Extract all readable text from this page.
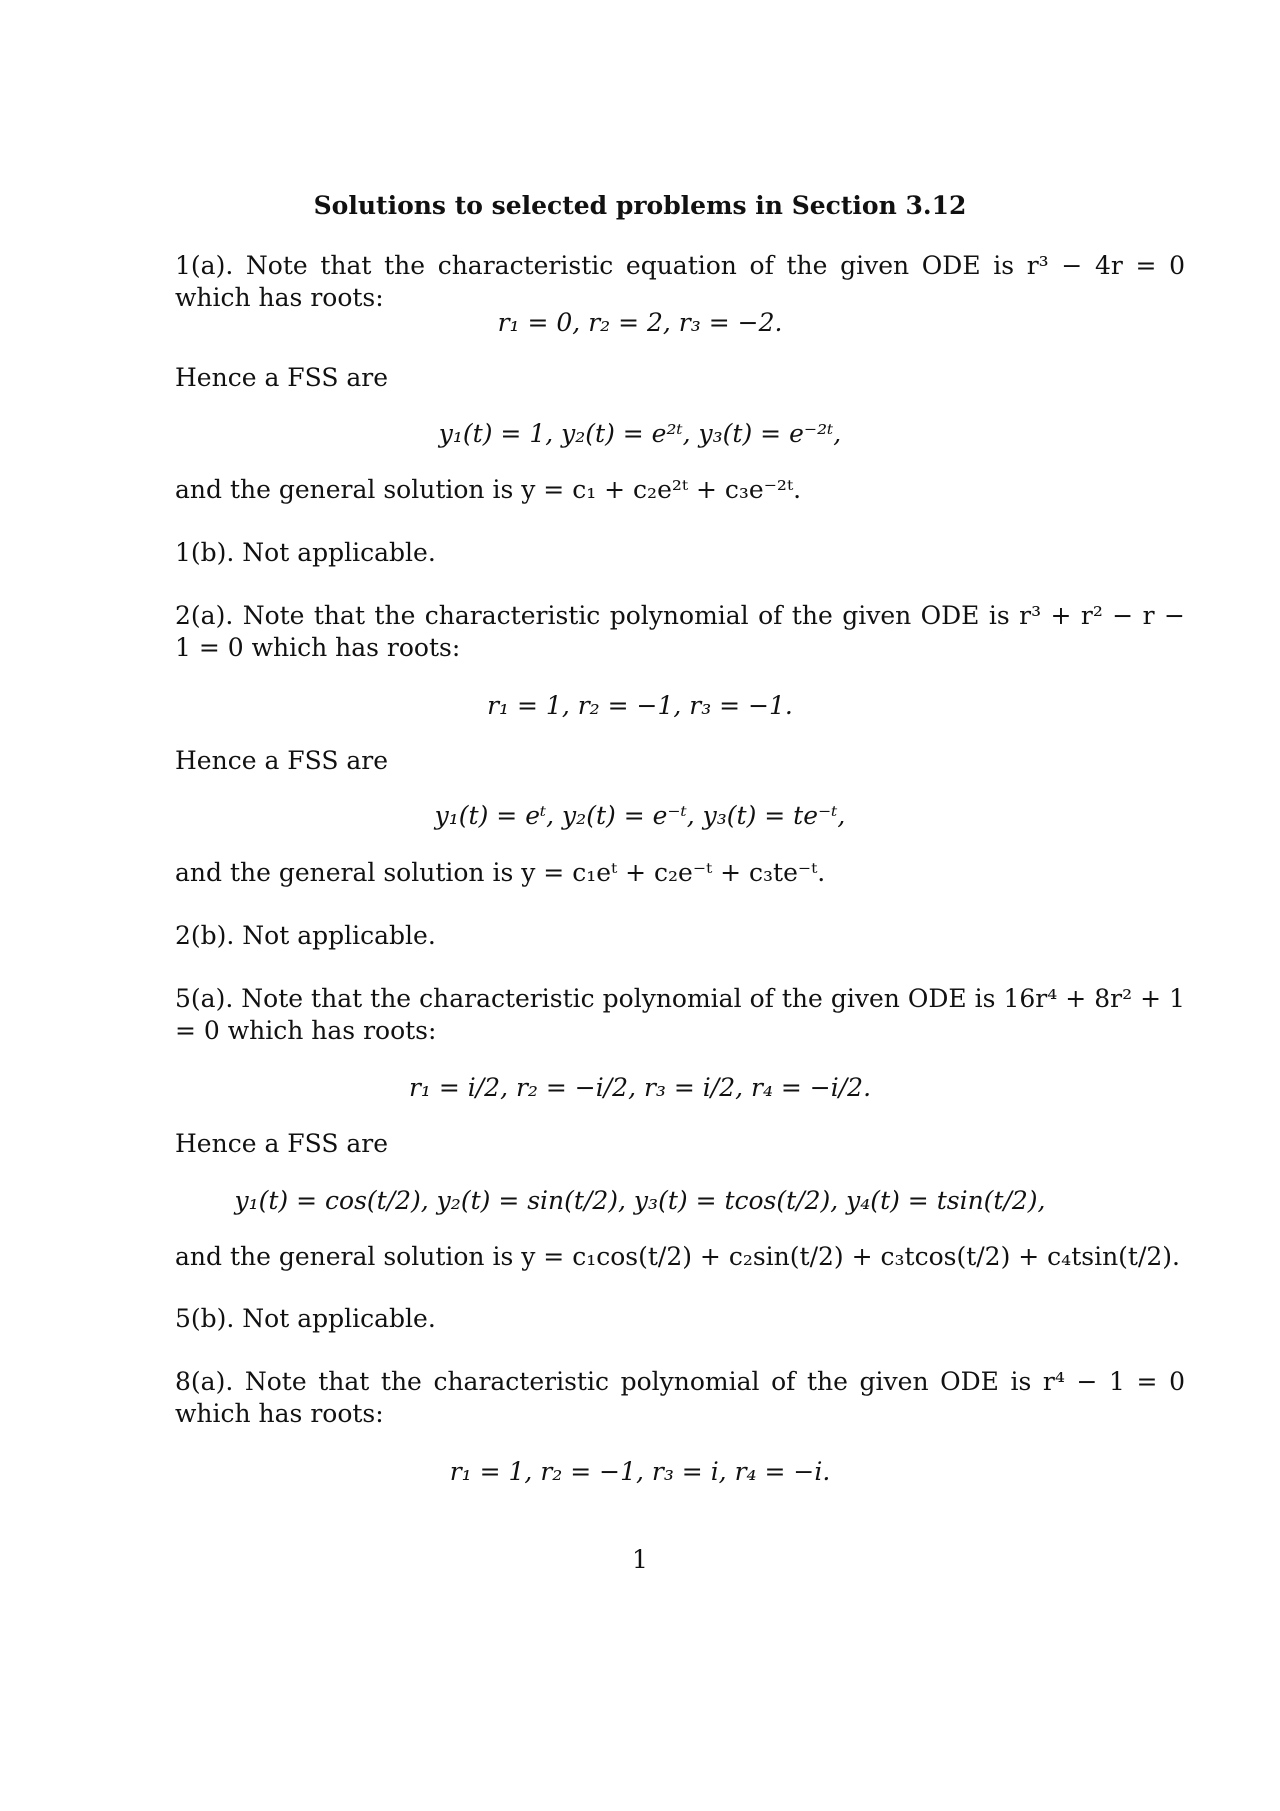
Solutions to selected problems in Section 3.12
1(a). Note that the characteristic equation of the given ODE is r³ − 4r = 0 which has roots:
r₁ = 0, r₂ = 2, r₃ = −2.
Hence a FSS are
y₁(t) = 1, y₂(t) = e²ᵗ, y₃(t) = e⁻²ᵗ,
and the general solution is y = c₁ + c₂e²ᵗ + c₃e⁻²ᵗ.
1(b). Not applicable.
2(a). Note that the characteristic polynomial of the given ODE is r³ + r² − r − 1 = 0 which has roots:
r₁ = 1, r₂ = −1, r₃ = −1.
Hence a FSS are
y₁(t) = eᵗ, y₂(t) = e⁻ᵗ, y₃(t) = te⁻ᵗ,
and the general solution is y = c₁eᵗ + c₂e⁻ᵗ + c₃te⁻ᵗ.
2(b). Not applicable.
5(a). Note that the characteristic polynomial of the given ODE is 16r⁴ + 8r² + 1 = 0 which has roots:
r₁ = i/2, r₂ = −i/2, r₃ = i/2, r₄ = −i/2.
Hence a FSS are
y₁(t) = cos(t/2), y₂(t) = sin(t/2), y₃(t) = tcos(t/2), y₄(t) = tsin(t/2),
and the general solution is y = c₁cos(t/2) + c₂sin(t/2) + c₃tcos(t/2) + c₄tsin(t/2).
5(b). Not applicable.
8(a). Note that the characteristic polynomial of the given ODE is r⁴ − 1 = 0 which has roots:
r₁ = 1, r₂ = −1, r₃ = i, r₄ = −i.
1
